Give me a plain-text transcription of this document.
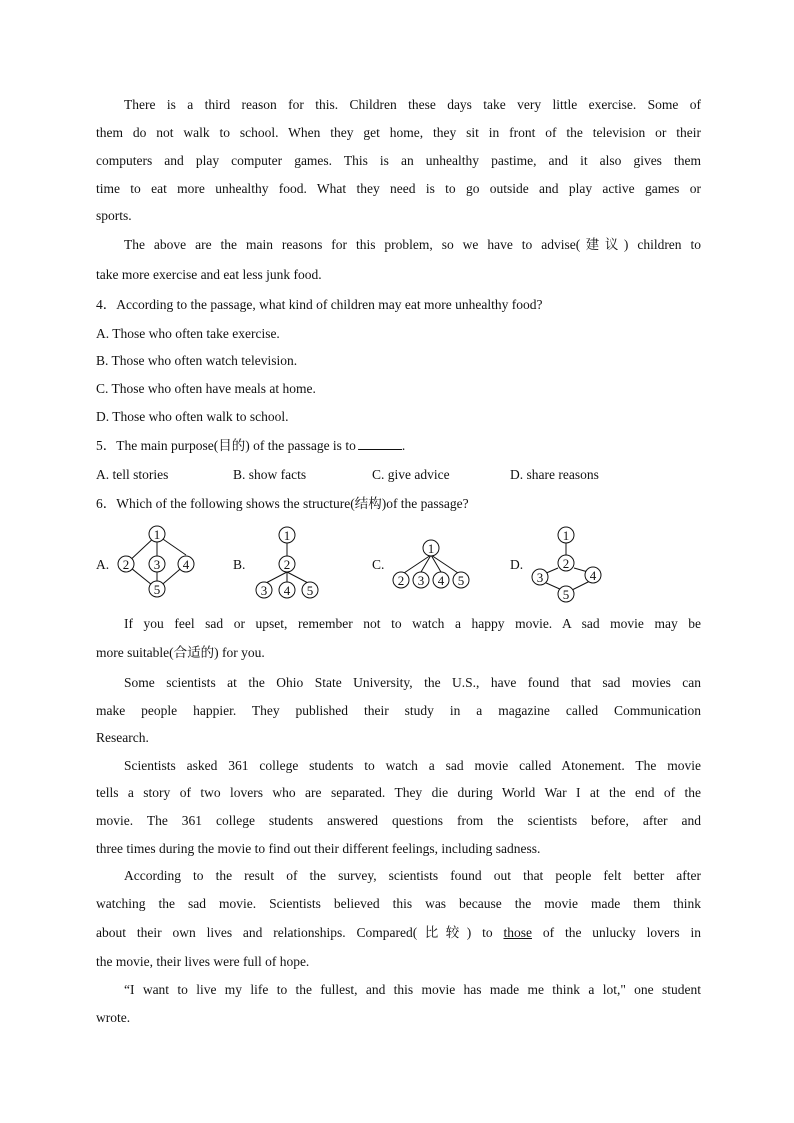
There is a third reason for this. Children these days take very little exercise. Some of
them do not walk to school. When they get home, they sit in front of the television or their
computers and play computer games. This is an unhealthy pastime, and it also gives them
time to eat more unhealthy food. What they need is to go outside and play active games or
sports.
The above are the main reasons for this problem, so we have to advise(建议) children to
take more exercise and eat less junk food.
4．According to the passage, what kind of children may eat more unhealthy food?
A. Those who often take exercise.
B. Those who often watch television.
C. Those who often have meals at home.
D. Those who often walk to school.
5．The main purpose(目的) of the passage is to	.
A. tell stories	B. show facts	C. give advice	D. share reasons
6．Which of the following shows the structure(结构)of the passage?
A.
1
2 3 4
5
B.
1
2
3 4 5
C.
1
2 3 4 5
D.
1
2
3	4
5
If you feel sad or upset, remember not to watch a happy movie. A sad movie may be
more suitable(合适的) for you.
Some scientists at the Ohio State University, the U.S., have found that sad movies can
make people happier. They published their study in a magazine called Communication
Research.
Scientists asked 361 college students to watch a sad movie called Atonement. The movie
tells a story of two lovers who are separated. They die during World War I at the end of the
movie. The 361 college students answered questions from the scientists before, after and
three times during the movie to find out their different feelings, including sadness.
According to the result of the survey, scientists found out that people felt better after
watching the sad movie. Scientists believed this was because the movie made them think
about their own lives and relationships. Compared(比较) to those of the unlucky lovers in
the movie, their lives were full of hope.
“I want to live my life to the fullest, and this movie has made me think a lot," one student
wrote.
